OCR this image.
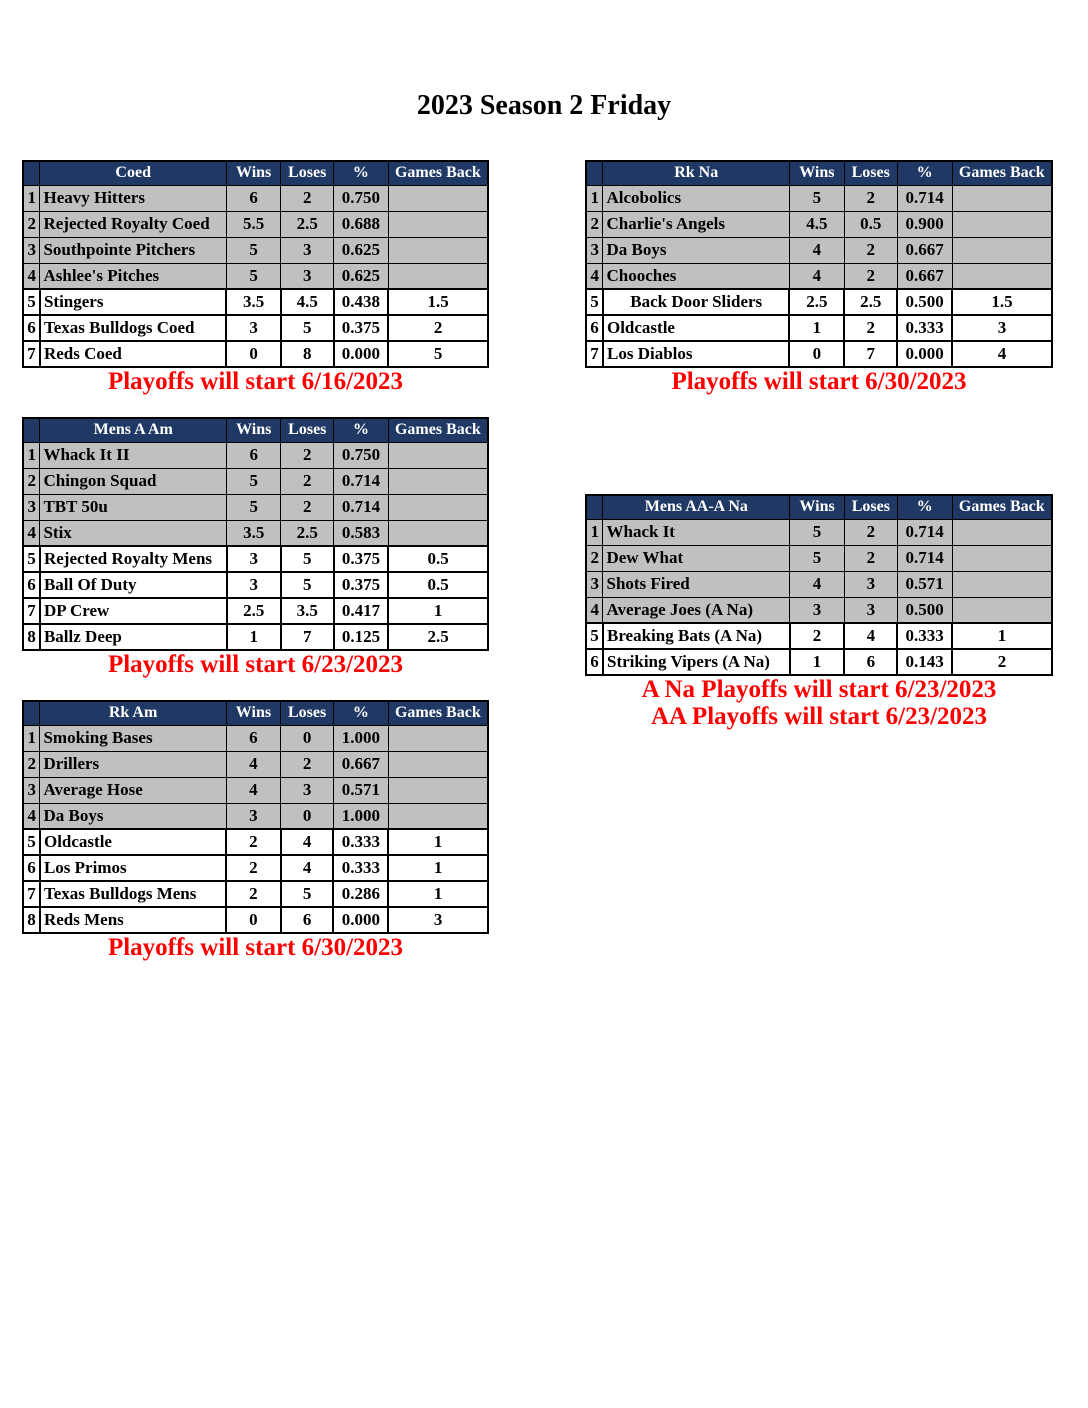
2023 Season 2 Friday
	Coed	Wins	Loses	%	Games Back
1	Heavy Hitters	6	2	0.750	
2	Rejected Royalty Coed	5.5	2.5	0.688	
3	Southpointe Pitchers	5	3	0.625	
4	Ashlee's Pitches	5	3	0.625	
5	Stingers	3.5	4.5	0.438	1.5
6	Texas Bulldogs Coed	3	5	0.375	2
7	Reds Coed	0	8	0.000	5
Playoffs will start 6/16/2023
	Rk Na	Wins	Loses	%	Games Back
1	Alcobolics	5	2	0.714	
2	Charlie's Angels	4.5	0.5	0.900	
3	Da Boys	4	2	0.667	
4	Chooches	4	2	0.667	
5	Back Door Sliders	2.5	2.5	0.500	1.5
6	Oldcastle	1	2	0.333	3
7	Los Diablos	0	7	0.000	4
Playoffs will start 6/30/2023
	Mens A Am	Wins	Loses	%	Games Back
1	Whack It II	6	2	0.750	
2	Chingon Squad	5	2	0.714	
3	TBT 50u	5	2	0.714	
4	Stix	3.5	2.5	0.583	
5	Rejected Royalty Mens	3	5	0.375	0.5
6	Ball Of Duty	3	5	0.375	0.5
7	DP Crew	2.5	3.5	0.417	1
8	Ballz Deep	1	7	0.125	2.5
Playoffs will start 6/23/2023
	Mens AA-A Na	Wins	Loses	%	Games Back
1	Whack It	5	2	0.714	
2	Dew What	5	2	0.714	
3	Shots Fired	4	3	0.571	
4	Average Joes (A Na)	3	3	0.500	
5	Breaking Bats (A Na)	2	4	0.333	1
6	Striking Vipers (A Na)	1	6	0.143	2
A Na Playoffs will start 6/23/2023
AA Playoffs will start 6/23/2023
	Rk Am	Wins	Loses	%	Games Back
1	Smoking Bases	6	0	1.000	
2	Drillers	4	2	0.667	
3	Average Hose	4	3	0.571	
4	Da Boys	3	0	1.000	
5	Oldcastle	2	4	0.333	1
6	Los Primos	2	4	0.333	1
7	Texas Bulldogs Mens	2	5	0.286	1
8	Reds Mens	0	6	0.000	3
Playoffs will start 6/30/2023
